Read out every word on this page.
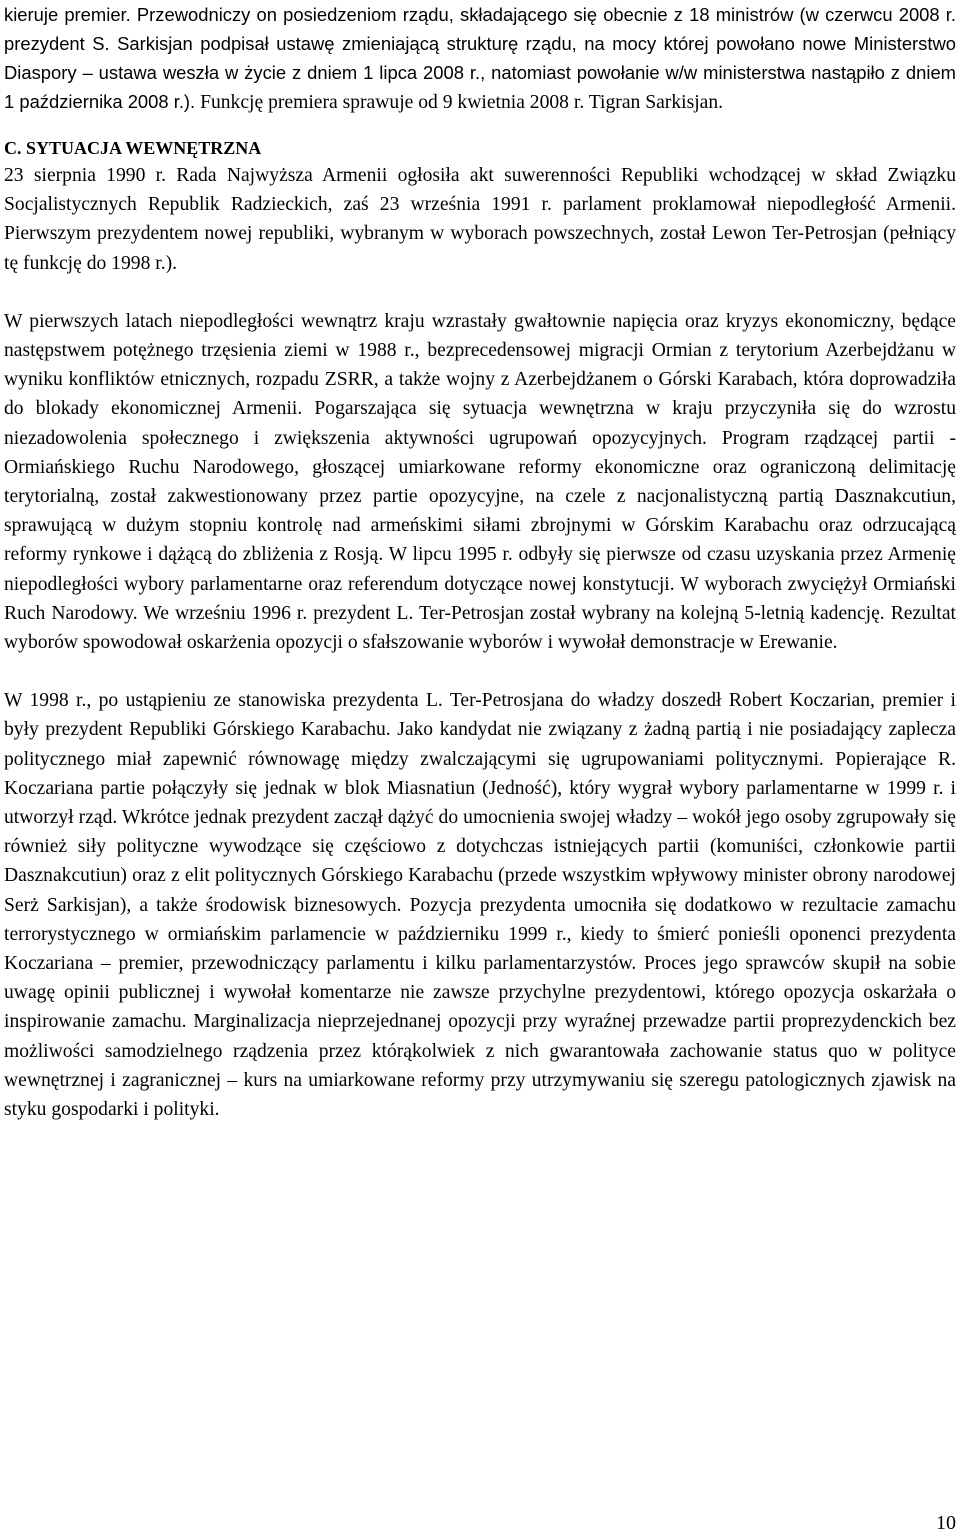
kieruje premier. Przewodniczy on posiedzeniom rządu, składającego się obecnie z 18 ministrów (w czerwcu 2008 r. prezydent S. Sarkisjan podpisał ustawę zmieniającą strukturę rządu, na mocy której powołano nowe Ministerstwo Diaspory – ustawa weszła w życie z dniem 1 lipca 2008 r., natomiast powołanie w/w ministerstwa nastąpiło z dniem 1 października 2008 r.). Funkcję premiera sprawuje od 9 kwietnia 2008 r. Tigran Sarkisjan.

C. SYTUACJA WEWNĘTRZNA

23 sierpnia 1990 r. Rada Najwyższa Armenii ogłosiła akt suwerenności Republiki wchodzącej w skład Związku Socjalistycznych Republik Radzieckich, zaś 23 września 1991 r. parlament proklamował niepodległość Armenii. Pierwszym prezydentem nowej republiki, wybranym w wyborach powszechnych, został Lewon Ter-Petrosjan (pełniący tę funkcję do 1998 r.).

W pierwszych latach niepodległości wewnątrz kraju wzrastały gwałtownie napięcia oraz kryzys ekonomiczny, będące następstwem potężnego trzęsienia ziemi w 1988 r., bezprecedensowej migracji Ormian z terytorium Azerbejdżanu w wyniku konfliktów etnicznych, rozpadu ZSRR, a także wojny z Azerbejdżanem o Górski Karabach, która doprowadziła do blokady ekonomicznej Armenii. Pogarszająca się sytuacja wewnętrzna w kraju przyczyniła się do wzrostu niezadowolenia społecznego i zwiększenia aktywności ugrupowań opozycyjnych. Program rządzącej partii - Ormiańskiego Ruchu Narodowego, głoszącej umiarkowane reformy ekonomiczne oraz ograniczoną delimitację terytorialną, został zakwestionowany przez partie opozycyjne, na czele z nacjonalistyczną partią Dasznakcutiun, sprawującą w dużym stopniu kontrolę nad armeńskimi siłami zbrojnymi w Górskim Karabachu oraz odrzucającą reformy rynkowe i dążącą do zbliżenia z Rosją. W lipcu 1995 r. odbyły się pierwsze od czasu uzyskania przez Armenię niepodległości wybory parlamentarne oraz referendum dotyczące nowej konstytucji. W wyborach zwyciężył Ormiański Ruch Narodowy. We wrześniu 1996 r. prezydent L. Ter-Petrosjan został wybrany na kolejną 5-letnią kadencję. Rezultat wyborów spowodował oskarżenia opozycji o sfałszowanie wyborów i wywołał demonstracje w Erewanie.

W 1998 r., po ustąpieniu ze stanowiska prezydenta L. Ter-Petrosjana do władzy doszedł Robert Koczarian, premier i były prezydent Republiki Górskiego Karabachu. Jako kandydat nie związany z żadną partią i nie posiadający zaplecza politycznego miał zapewnić równowagę między zwalczającymi się ugrupowaniami politycznymi. Popierające R. Koczariana partie połączyły się jednak w blok Miasnatiun (Jedność), który wygrał wybory parlamentarne w 1999 r. i utworzył rząd. Wkrótce jednak prezydent zaczął dążyć do umocnienia swojej władzy – wokół jego osoby zgrupowały się również siły polityczne wywodzące się częściowo z dotychczas istniejących partii (komuniści, członkowie partii Dasznakcutiun) oraz z elit politycznych Górskiego Karabachu (przede wszystkim wpływowy minister obrony narodowej Serż Sarkisjan), a także środowisk biznesowych. Pozycja prezydenta umocniła się dodatkowo w rezultacie zamachu terrorystycznego w ormiańskim parlamencie w październiku 1999 r., kiedy to śmierć ponieśli oponenci prezydenta Koczariana – premier, przewodniczący parlamentu i kilku parlamentarzystów. Proces jego sprawców skupił na sobie uwagę opinii publicznej i wywołał komentarze nie zawsze przychylne prezydentowi, którego opozycja oskarżała o inspirowanie zamachu. Marginalizacja nieprzejednanej opozycji przy wyraźnej przewadze partii proprezydenckich bez możliwości samodzielnego rządzenia przez którąkolwiek z nich gwarantowała zachowanie status quo w polityce wewnętrznej i zagranicznej – kurs na umiarkowane reformy przy utrzymywaniu się szeregu patologicznych zjawisk na styku gospodarki i polityki.

10
